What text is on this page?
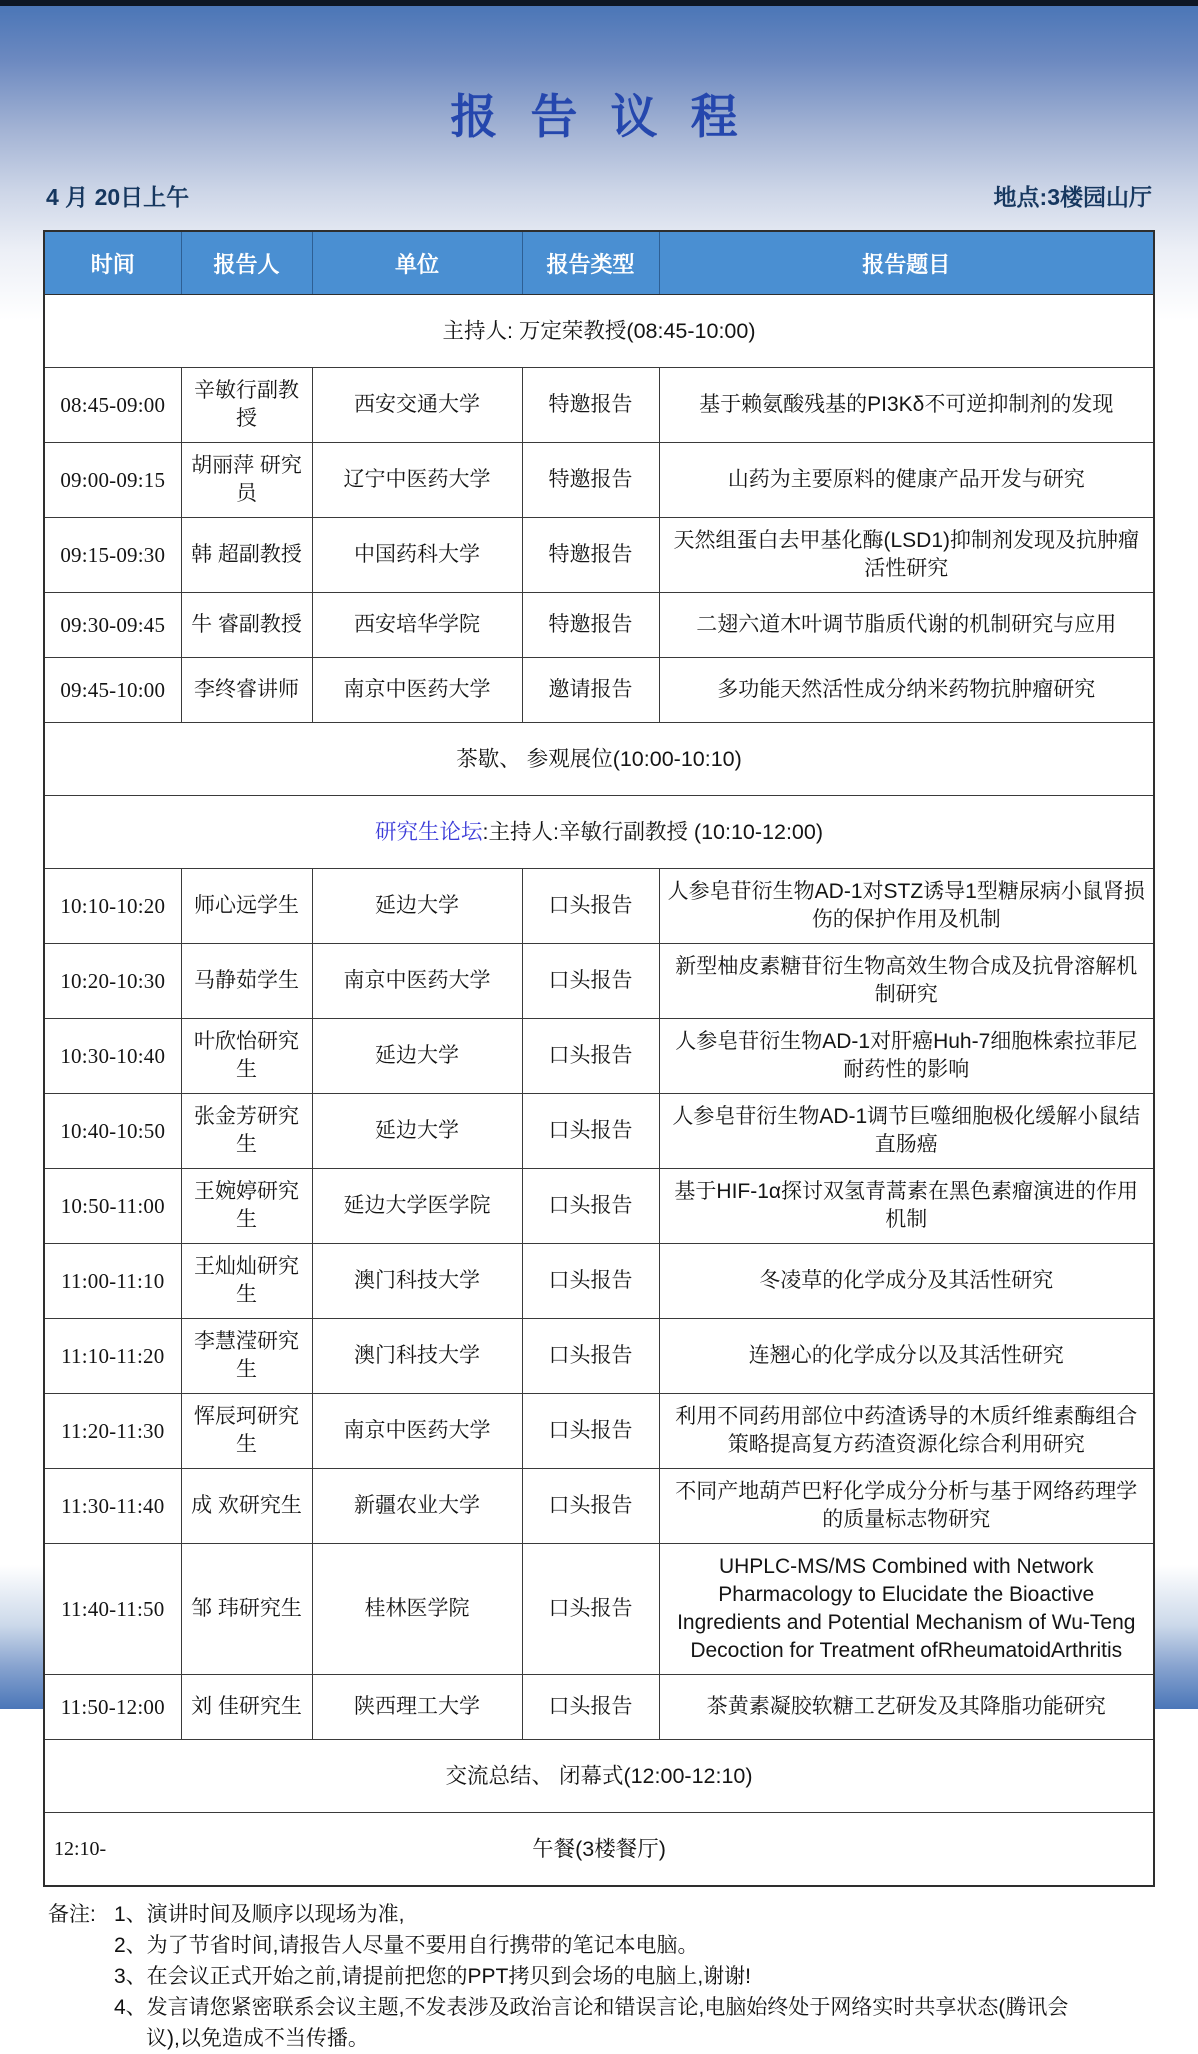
报 告 议 程
4 月 20日上午	地点:3楼园山厅
时间	报告人	单位	报告类型	报告题目
主持人: 万定荣教授(08:45-10:00)				
08:45-09:00	辛敏行副教授	西安交通大学	特邀报告	基于赖氨酸残基的PI3Kδ不可逆抑制剂的发现
09:00-09:15	胡丽萍 研究员	辽宁中医药大学	特邀报告	山药为主要原料的健康产品开发与研究
09:15-09:30	韩 超副教授	中国药科大学	特邀报告	天然组蛋白去甲基化酶(LSD1)抑制剂发现及抗肿瘤活性研究
09:30-09:45	牛 睿副教授	西安培华学院	特邀报告	二翅六道木叶调节脂质代谢的机制研究与应用
09:45-10:00	李终睿讲师	南京中医药大学	邀请报告	多功能天然活性成分纳米药物抗肿瘤研究
茶歇、 参观展位(10:00-10:10)				
研究生论坛:主持人:辛敏行副教授 (10:10-12:00)				
10:10-10:20	师心远学生	延边大学	口头报告	人参皂苷衍生物AD-1对STZ诱导1型糖尿病小鼠肾损伤的保护作用及机制
10:20-10:30	马静茹学生	南京中医药大学	口头报告	新型柚皮素糖苷衍生物高效生物合成及抗骨溶解机制研究
10:30-10:40	叶欣怡研究生	延边大学	口头报告	人参皂苷衍生物AD-1对肝癌Huh-7细胞株索拉菲尼耐药性的影响
10:40-10:50	张金芳研究生	延边大学	口头报告	人参皂苷衍生物AD-1调节巨噬细胞极化缓解小鼠结直肠癌
10:50-11:00	王婉婷研究生	延边大学医学院	口头报告	基于HIF-1α探讨双氢青蒿素在黑色素瘤演进的作用机制
11:00-11:10	王灿灿研究生	澳门科技大学	口头报告	冬凌草的化学成分及其活性研究
11:10-11:20	李慧滢研究生	澳门科技大学	口头报告	连翘心的化学成分以及其活性研究
11:20-11:30	恽辰珂研究生	南京中医药大学	口头报告	利用不同药用部位中药渣诱导的木质纤维素酶组合策略提高复方药渣资源化综合利用研究
11:30-11:40	成 欢研究生	新疆农业大学	口头报告	不同产地葫芦巴籽化学成分分析与基于网络药理学的质量标志物研究
11:40-11:50	邹 玮研究生	桂林医学院	口头报告	UHPLC-MS/MS Combined with Network Pharmacology to Elucidate the Bioactive Ingredients and Potential Mechanism of Wu-Teng Decoction for Treatment ofRheumatoidArthritis
11:50-12:00	刘 佳研究生	陕西理工大学	口头报告	茶黄素凝胶软糖工艺研发及其降脂功能研究
交流总结、 闭幕式(12:00-12:10)				

12:10- 午餐(3楼餐厅)				
备注: 1、演讲时间及顺序以现场为准,
2、为了节省时间,请报告人尽量不要用自行携带的笔记本电脑。
3、在会议正式开始之前,请提前把您的PPT拷贝到会场的电脑上,谢谢!
4、发言请您紧密联系会议主题,不发表涉及政治言论和错误言论,电脑始终处于网络实时共享状态(腾讯会议),以免造成不当传播。
